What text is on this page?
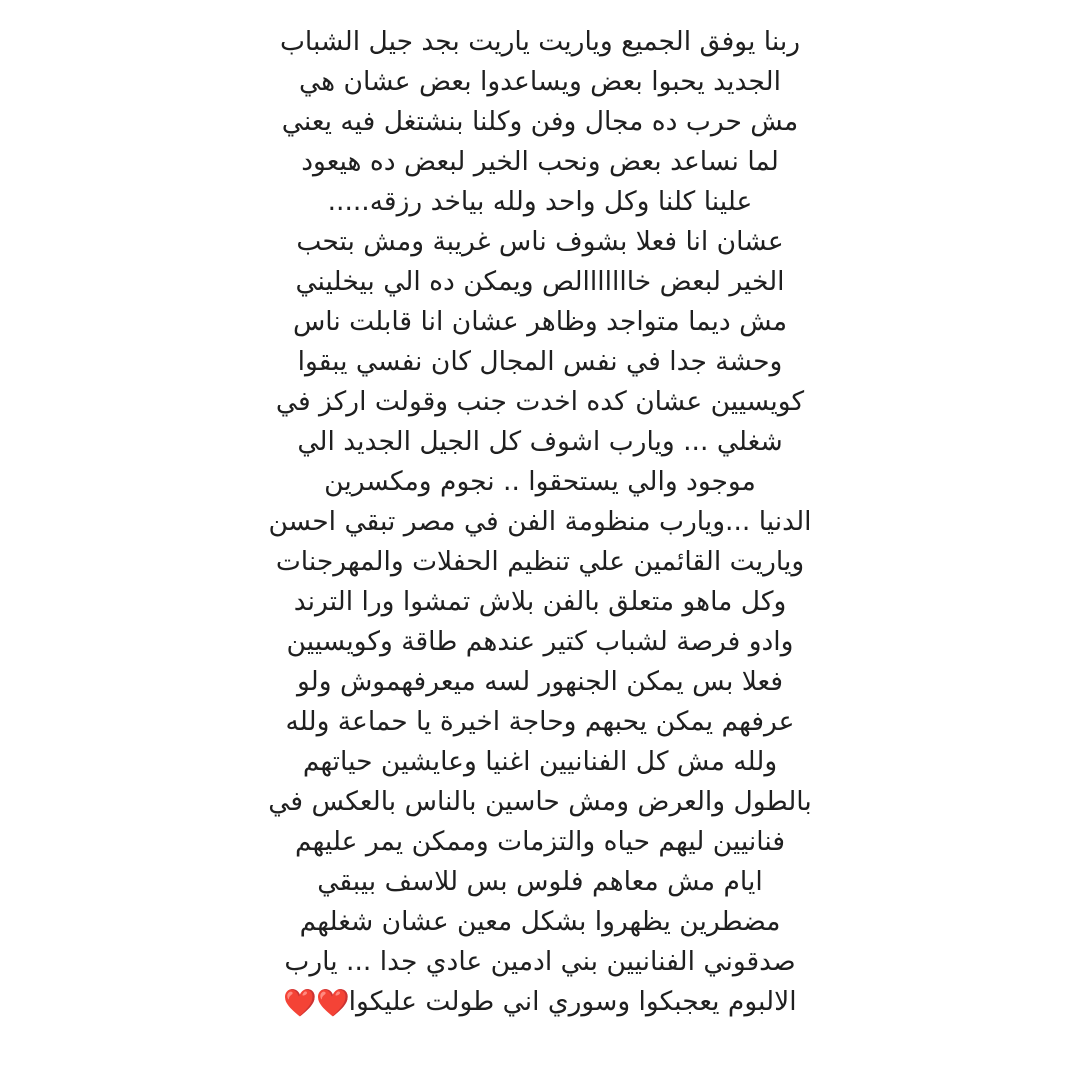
ربنا يوفق الجميع وياريت ياريت بجد جيل الشباب
الجديد يحبوا بعض ويساعدوا بعض عشان هي
مش حرب ده مجال وفن وكلنا بنشتغل فيه يعني
لما نساعد بعض ونحب الخير لبعض ده هيعود
علينا كلنا وكل واحد ولله بياخد رزقه.....
عشان انا فعلا بشوف ناس غريبة ومش بتحب
الخير لبعض خااااااالص ويمكن ده الي بيخليني
مش ديما متواجد وظاهر عشان انا قابلت ناس
وحشة جدا في نفس المجال كان نفسي يبقوا
كويسيين عشان كده اخدت جنب وقولت اركز في
شغلي ... ويارب اشوف كل الجيل الجديد الي
موجود والي يستحقوا .. نجوم ومكسرين
الدنيا ...ويارب منظومة الفن في مصر تبقي احسن
وياريت القائمين علي تنظيم الحفلات والمهرجنات
وكل ماهو متعلق بالفن بلاش تمشوا ورا الترند
وادو فرصة لشباب كتير عندهم طاقة وكويسيين
فعلا بس يمكن الجنهور لسه ميعرفهموش ولو
عرفهم يمكن يحبهم وحاجة اخيرة يا حماعة ولله
ولله مش كل الفنانيين اغنيا وعايشين حياتهم
بالطول والعرض ومش حاسين بالناس بالعكس في
فنانيين ليهم حياه والتزمات وممكن يمر عليهم
ايام مش معاهم فلوس بس للاسف بيبقي
مضطرين يظهروا بشكل معين عشان شغلهم
صدقوني الفنانيين بني ادمين عادي جدا ... يارب
الالبوم يعجبكوا وسوري اني طولت عليكوا❤️❤️
